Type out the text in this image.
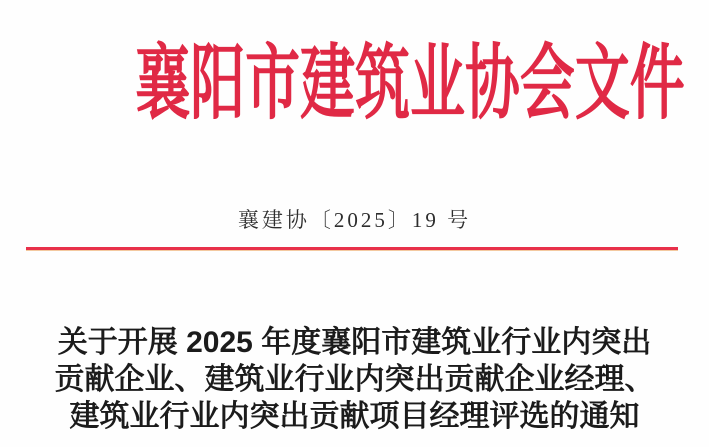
襄阳市建筑业协会文件
襄建协〔2025〕19 号
关于开展 2025 年度襄阳市建筑业行业内突出
贡献企业、建筑业行业内突出贡献企业经理、
建筑业行业内突出贡献项目经理评选的通知
